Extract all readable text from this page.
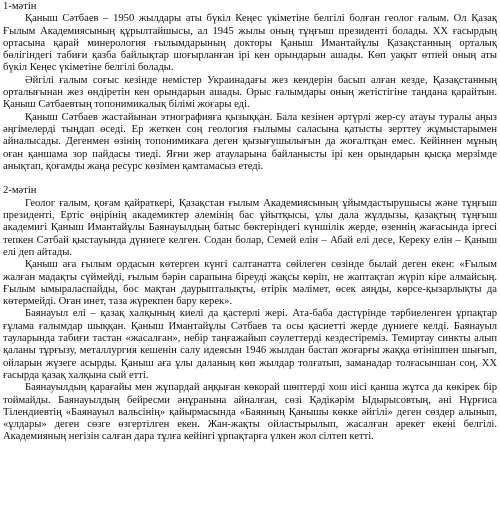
1-мәтін

Қаныш Сәтбаев – 1950 жылдары аты бүкіл Кеңес үкіметіне белгілі болған геолог ғалым. Ол Қазақ Ғылым Академиясының құрылтайшысы, ал 1945 жылы оның тұңғыш президенті болады. XX ғасырдың ортасына қарай минерология ғылымдарының докторы Қаныш Имантайұлы Қазақстанның орталық бөлігіндегі табиғи қазба байлықтар шоғырланған ірі кен орындарын ашады. Көп уақыт өтпей оның аты бүкіл Кеңес үкіметіне белгілі болады.

Әйгілі ғалым соғыс кезінде немістер Украинадағы жез кендерін басып алған кезде, Қазақстанның орталығынан жез өндіретін кен орындарын ашады. Орыс ғалымдары оның жетістігіне таңдана қарайтын. Қаныш Сәтбаевтың топонимикалық білімі жоғары еді.

Қаныш Сәтбаев жастайынан этнографияға қызыққан. Бала кезінен әртүрлі жер-су атауы туралы аңыз әңгімелерді тыңдап өседі. Ер жеткен соң геология ғылымы саласына қатысты зерттеу жұмыстарымен айналысады. Дегенмен өзінің топонимикаға деген қызығушылығын да жоғалтқан емес. Кейіннен мұның оған қаншама зор пайдасы тиеді. Яғни жер атауларына байланысты ірі кен орындарын қысқа мерзімде анықтап, қоғамды жаңа ресурс көзімен қамтамасыз етеді.

2-мәтін

Геолог ғалым, қоғам қайраткері, Қазақстан ғылым Академиясының ұйымдастырушысы және тұңғыш президенті, Ертіс өңірінің академиктер әлемінің бас ұйытқысы, ұлы дала жұлдызы, қазақтың тұңғыш академигі Қаныш Имантайұлы Баянауылдың батыс бөктеріндегі күншілік жерде, өзеннің жағасында іргесі тепкен Сәтбай қыстауында дүниеге келген. Содан болар, Семей елін – Абай елі десе, Кереку елін – Қаныш елі деп айтады.

Қаныш аға ғылым ордасын көтерген күнгі салтанатта сөйлеген сөзінде былай деген екен: «Ғылым жалған мадақты сүймейді, ғылым бәрін сарапына біреуді жақсы көріп, не жаптақтап жүріп кіре алмайсың. Ғылым ымыраласпайды, бос мақтан даурыпталықты, өтірік мәлімет, өсек аяңды, көрсе-қызарлықты да көтермейді. Оған инет, таза жүрекпен бару керек».

Баянауыл елі – қазақ халқының киелі да қастерлі жері. Ата-баба дәстүрінде тәрбиеленген ұрпақтар ғұлама ғалымдар шыққан. Қаныш Имантайұлы Сәтбаев та осы қасиетті жерде дүниеге келді. Баянауыл тауларында табиғи тастан «жасалған», небір таңғажайып сәулеттерді кездестіреміз. Темиртау синкты алып қаланы тұрғызу, металлургия кешенін салу идеясын 1946 жылдан бастап жоғарғы жаққа өтінішпен шығып, ойларын жүзеге асырды. Қаныш аға ұлы даланың көп жылдар толғатып, заманадар толғасыншан соң, XX ғасырда қазақ халқына сый етті.

Баянауылдың қарағайы мен жұпардай аңқыған көкорай шөптерді хош иісі қанша жұтса да көкірек бір тоймайды. Баянауылдың бейресми әнұранына айналған, сөзі Қәдікәрім Ыдырысовтың, әні Нұрғиса Тілендиевтің «Баянауыл вальсінің» қайырмасында «Баянның Қанышы көкке әйгілі» деген сөздер алынып, «ұлдары» деген сөзге өзгертілген екен. Жан-жақты ойластырылып, жасалған әрекет екені белгілі. Академияның негізін салған дара тұлға кейінгі ұрпақтарға үлкен жол сілтеп кетті.
